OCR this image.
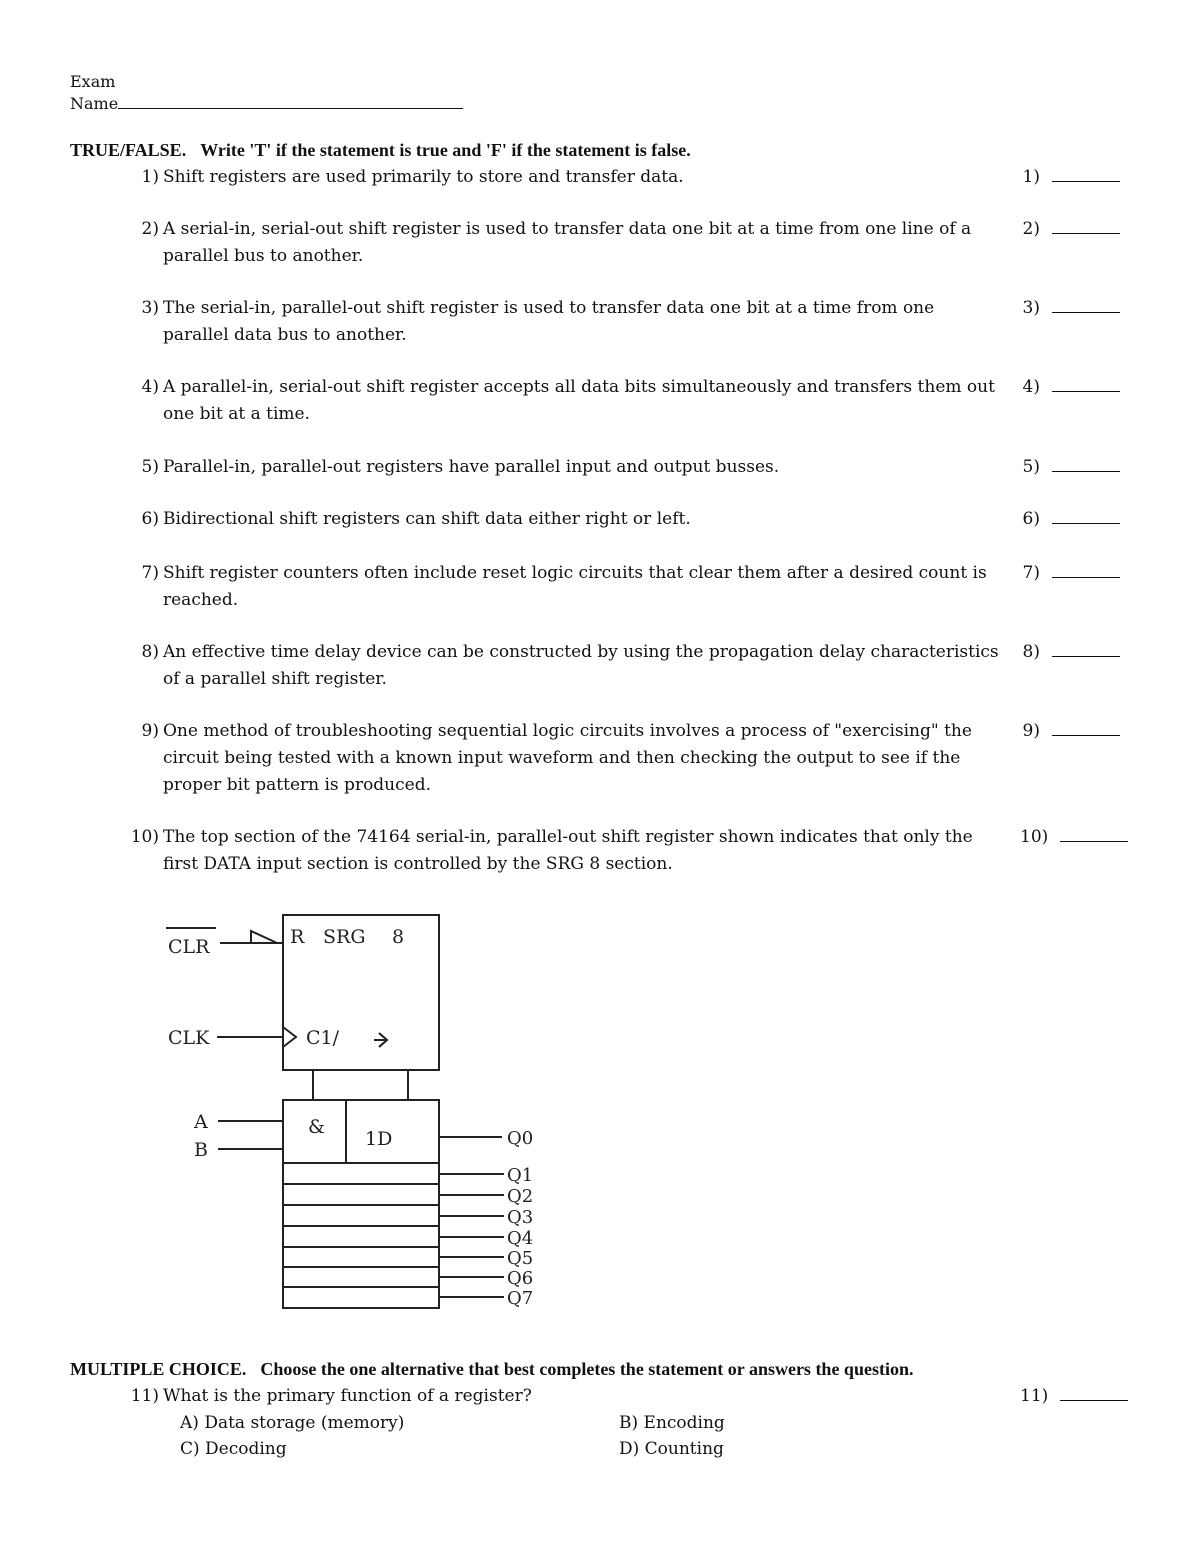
Exam
Name
TRUE/FALSE. Write 'T' if the statement is true and 'F' if the statement is false.
1) Shift registers are used primarily to store and transfer data.	1)
2) A serial-in, serial-out shift register is used to transfer data one bit at a time from one line of a parallel bus to another.
2)
3) The serial-in, parallel-out shift register is used to transfer data one bit at a time from one parallel data bus to another.
3)
4) A parallel-in, serial-out shift register accepts all data bits simultaneously and transfers them out one bit at a time.
4)
5) Parallel-in, parallel-out registers have parallel input and output busses.	5)
6) Bidirectional shift registers can shift data either right or left.	6)
7) Shift register counters often include reset logic circuits that clear them after a desired count is reached.
7)
8) An effective time delay device can be constructed by using the propagation delay characteristics of a parallel shift register.
8)
9) One method of troubleshooting sequential logic circuits involves a process of "exercising" the circuit being tested with a known input waveform and then checking the output to see if the proper bit pattern is produced.
9)
10) The top section of the 74164 serial-in, parallel-out shift register shown indicates that only the first DATA input section is controlled by the SRG 8 section.
10)
CLR	R SRG 8
CLK	C1/
A
B
&
1D	Q0
Q1
Q2
Q3
Q4
Q5
Q6
Q7
MULTIPLE CHOICE. Choose the one alternative that best completes the statement or answers the question.
11) What is the primary function of a register?	11)
A) Data storage (memory)	B) Encoding
C) Decoding	D) Counting
